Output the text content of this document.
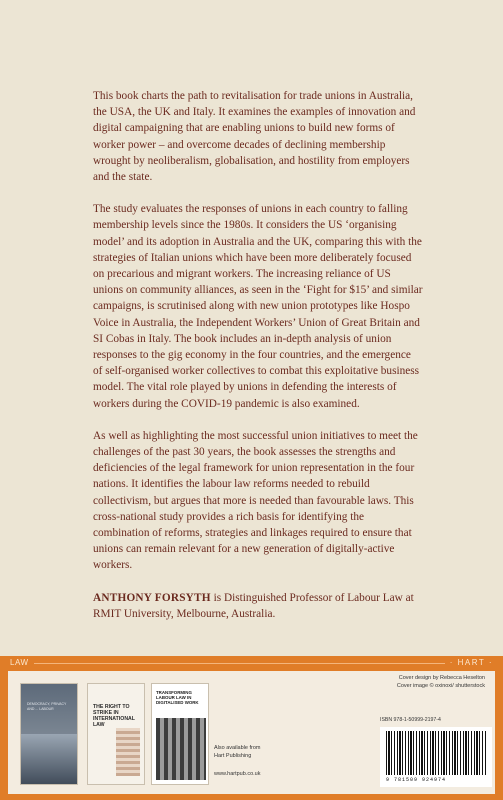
This book charts the path to revitalisation for trade unions in Australia, the USA, the UK and Italy. It examines the examples of innovation and digital campaigning that are enabling unions to build new forms of worker power – and overcome decades of declining membership wrought by neoliberalism, globalisation, and hostility from employers and the state.

The study evaluates the responses of unions in each country to falling membership levels since the 1980s. It considers the US ‘organising model’ and its adoption in Australia and the UK, comparing this with the strategies of Italian unions which have been more deliberately focused on precarious and migrant workers. The increasing reliance of US unions on community alliances, as seen in the ‘Fight for $15’ and similar campaigns, is scrutinised along with new union prototypes like Hospo Voice in Australia, the Independent Workers’ Union of Great Britain and SI Cobas in Italy. The book includes an in-depth analysis of union responses to the gig economy in the four countries, and the emergence of self-organised worker collectives to combat this exploitative business model. The vital role played by unions in defending the interests of workers during the COVID-19 pandemic is also examined.

As well as highlighting the most successful union initiatives to meet the challenges of the past 30 years, the book assesses the strengths and deficiencies of the legal framework for union representation in the four nations. It identifies the labour law reforms needed to rebuild collectivism, but argues that more is needed than favourable laws. This cross-national study provides a rich basis for identifying the combination of reforms, strategies and linkages required to ensure that unions can remain relevant for a new generation of digitally-active workers.

ANTHONY FORSYTH is Distinguished Professor of Labour Law at RMIT University, Melbourne, Australia.

LAW	· HART ·
DEMOCRACY, PRIVACY AND ... LABOUR	THE RIGHT TO STRIKE IN INTERNATIONAL LAW
TRANSFORMING LABOUR LAW IN DIGITALISED WORK
Also available from
Hart Publishing
www.hartpub.co.uk
Cover design by Rebecca Heselton
Cover image © oxinoxi/ shutterstock
ISBN 978-1-50999-2197-4
9 781509 924974
